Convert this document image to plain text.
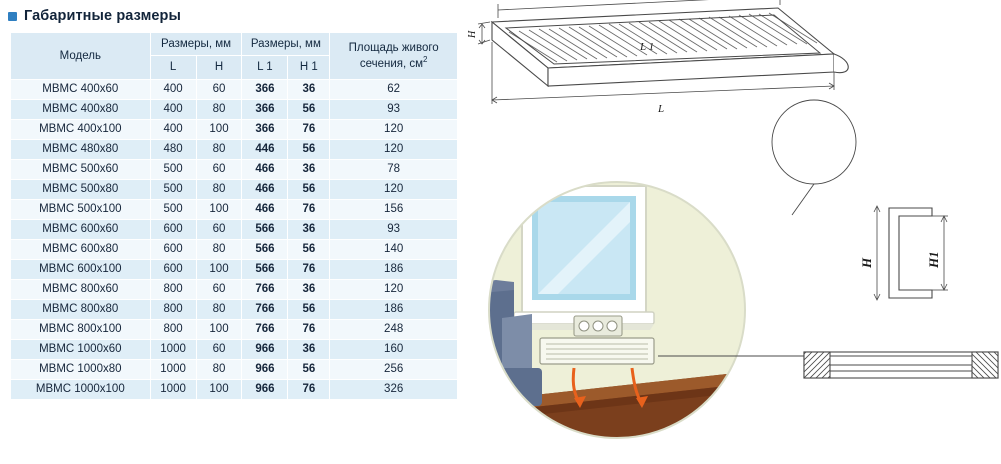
Габаритные размеры
Модель	Размеры, мм		Размеры, мм		Площадь живого
сечения, $см^2$
	L	H	L 1	H 1	
МВМС 400х60	400	60	366	36	62
МВМС 400х80	400	80	366	56	93
МВМС 400х100	400	100	366	76	120
МВМС 480х80	480	80	446	56	120
МВМС 500х60	500	60	466	36	78
МВМС 500х80	500	80	466	56	120
МВМС 500х100	500	100	466	76	156
МВМС 600х60	600	60	566	36	93
МВМС 600х80	600	80	566	56	140
МВМС 600х100	600	100	566	76	186
МВМС 800х60	800	60	766	36	120
МВМС 800х80	800	80	766	56	186
МВМС 800х100	800	100	766	76	248
МВМС 1000х60	1000	60	966	36	160
МВМС 1000х80	1000	80	966	56	256
МВМС 1000х100	1000	100	966	76	326
H
L 1
L
H	H1
